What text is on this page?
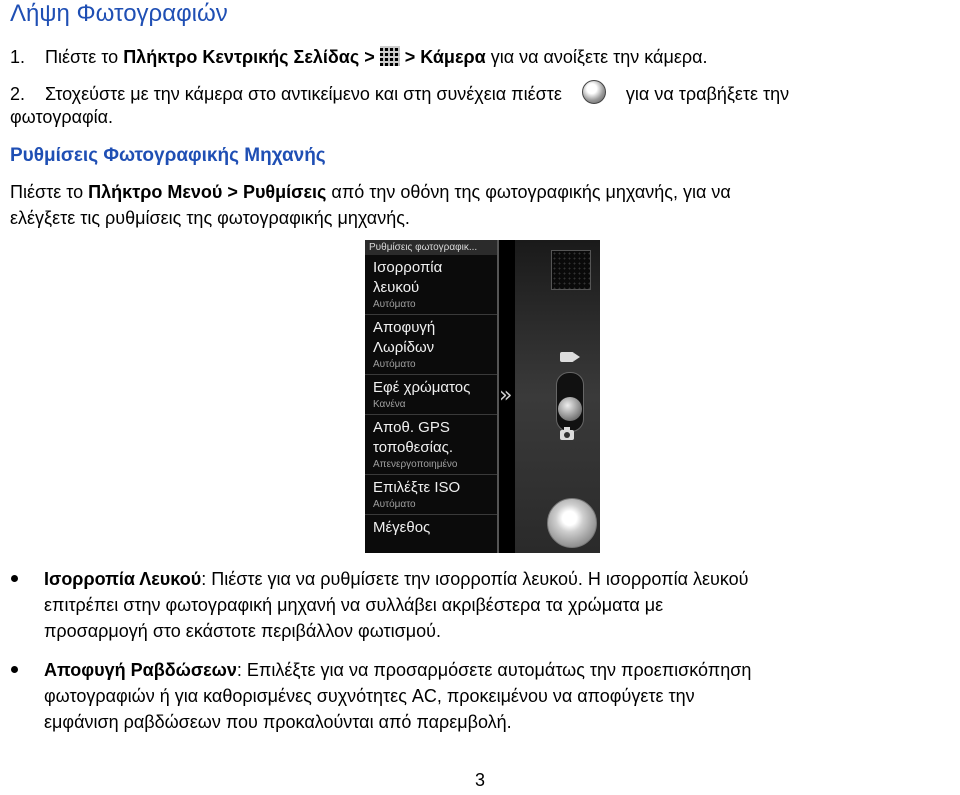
Λήψη Φωτογραφιών
1. Πιέστε το Πλήκτρο Κεντρικής Σελίδας > > Κάμερα για να ανοίξετε την κάμερα.
2. Στοχεύστε με την κάμερα στο αντικείμενο και στη συνέχεια πιέστε	για να τραβήξετε την
φωτογραφία.
Ρυθμίσεις Φωτογραφικής Μηχανής
Πιέστε το Πλήκτρο Μενού > Ρυθμίσεις από την οθόνη της φωτογραφικής μηχανής, για να
ελέγξετε τις ρυθμίσεις της φωτογραφικής μηχανής.
Ρυθμίσεις φωτογραφικ...
Ισορροπία λευκού
Αυτόματο
Αποφυγή Λωρίδων
Αυτόματο
Εφέ χρώματος
Κανένα
Αποθ. GPS τοποθεσίας.
Απενεργοποιημένο
Επιλέξτε ISO
Αυτόματο
Μέγεθος
»
Ισορροπία Λευκού: Πιέστε για να ρυθμίσετε την ισορροπία λευκού. Η ισορροπία λευκού
επιτρέπει στην φωτογραφική μηχανή να συλλάβει ακριβέστερα τα χρώματα με
προσαρμογή στο εκάστοτε περιβάλλον φωτισμού.
Αποφυγή Ραβδώσεων: Επιλέξτε για να προσαρμόσετε αυτομάτως την προεπισκόπηση
φωτογραφιών ή για καθορισμένες συχνότητες AC, προκειμένου να αποφύγετε την
εμφάνιση ραβδώσεων που προκαλούνται από παρεμβολή.
3
